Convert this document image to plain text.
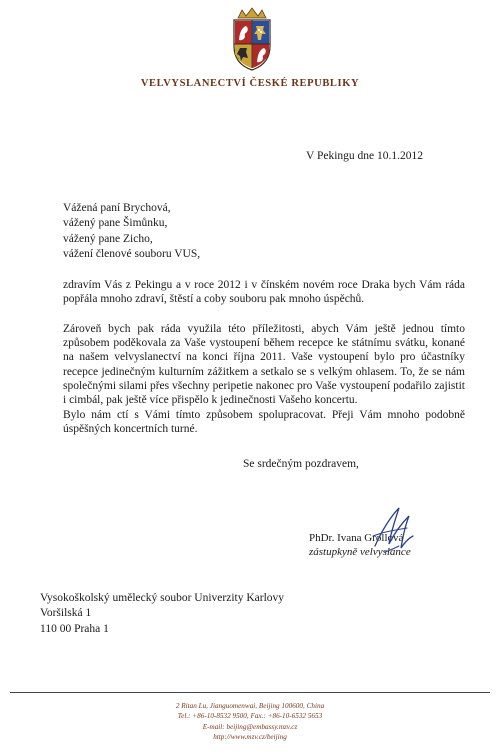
VELVYSLANECTVÍ ČESKÉ REPUBLIKY
V Pekingu dne 10.1.2012
Vážená paní Brychová,
vážený pane Šimůnku,
vážený pane Zicho,
vážení členové souboru VUS,
zdravím Vás z Pekingu a v roce 2012 i v čínském novém roce Draka bych Vám ráda popřála mnoho zdraví, štěstí a coby souboru pak mnoho úspěchů.
Zároveň bych pak ráda využila této příležitosti, abych Vám ještě jednou tímto způsobem poděkovala za Vaše vystoupení během recepce ke státnímu svátku, konané na našem velvyslanectví na konci října 2011. Vaše vystoupení bylo pro účastníky recepce jedinečným kulturním zážitkem a setkalo se s velkým ohlasem. To, že se nám společnými silami přes všechny peripetie nakonec pro Vaše vystoupení podařilo zajistit i cimbál, pak ještě více přispělo k jedinečnosti Vašeho koncertu.
Bylo nám ctí s Vámi tímto způsobem spolupracovat. Přeji Vám mnoho podobně úspěšných koncertních turné.
Se srdečným pozdravem,
PhDr. Ivana Grollová
zástupkyně velvyslance
Vysokoškolský umělecký soubor Univerzity Karlovy
Voršilská 1
110 00 Praha 1
2 Ritan Lu, Jianguomenwai, Beijing 100600, China
Tel.: +86-10-8532 9500, Fax.: +86-10-6532 5653
E-mail: beijing@embassy.mzv.cz
http://www.mzv.cz/beijing
